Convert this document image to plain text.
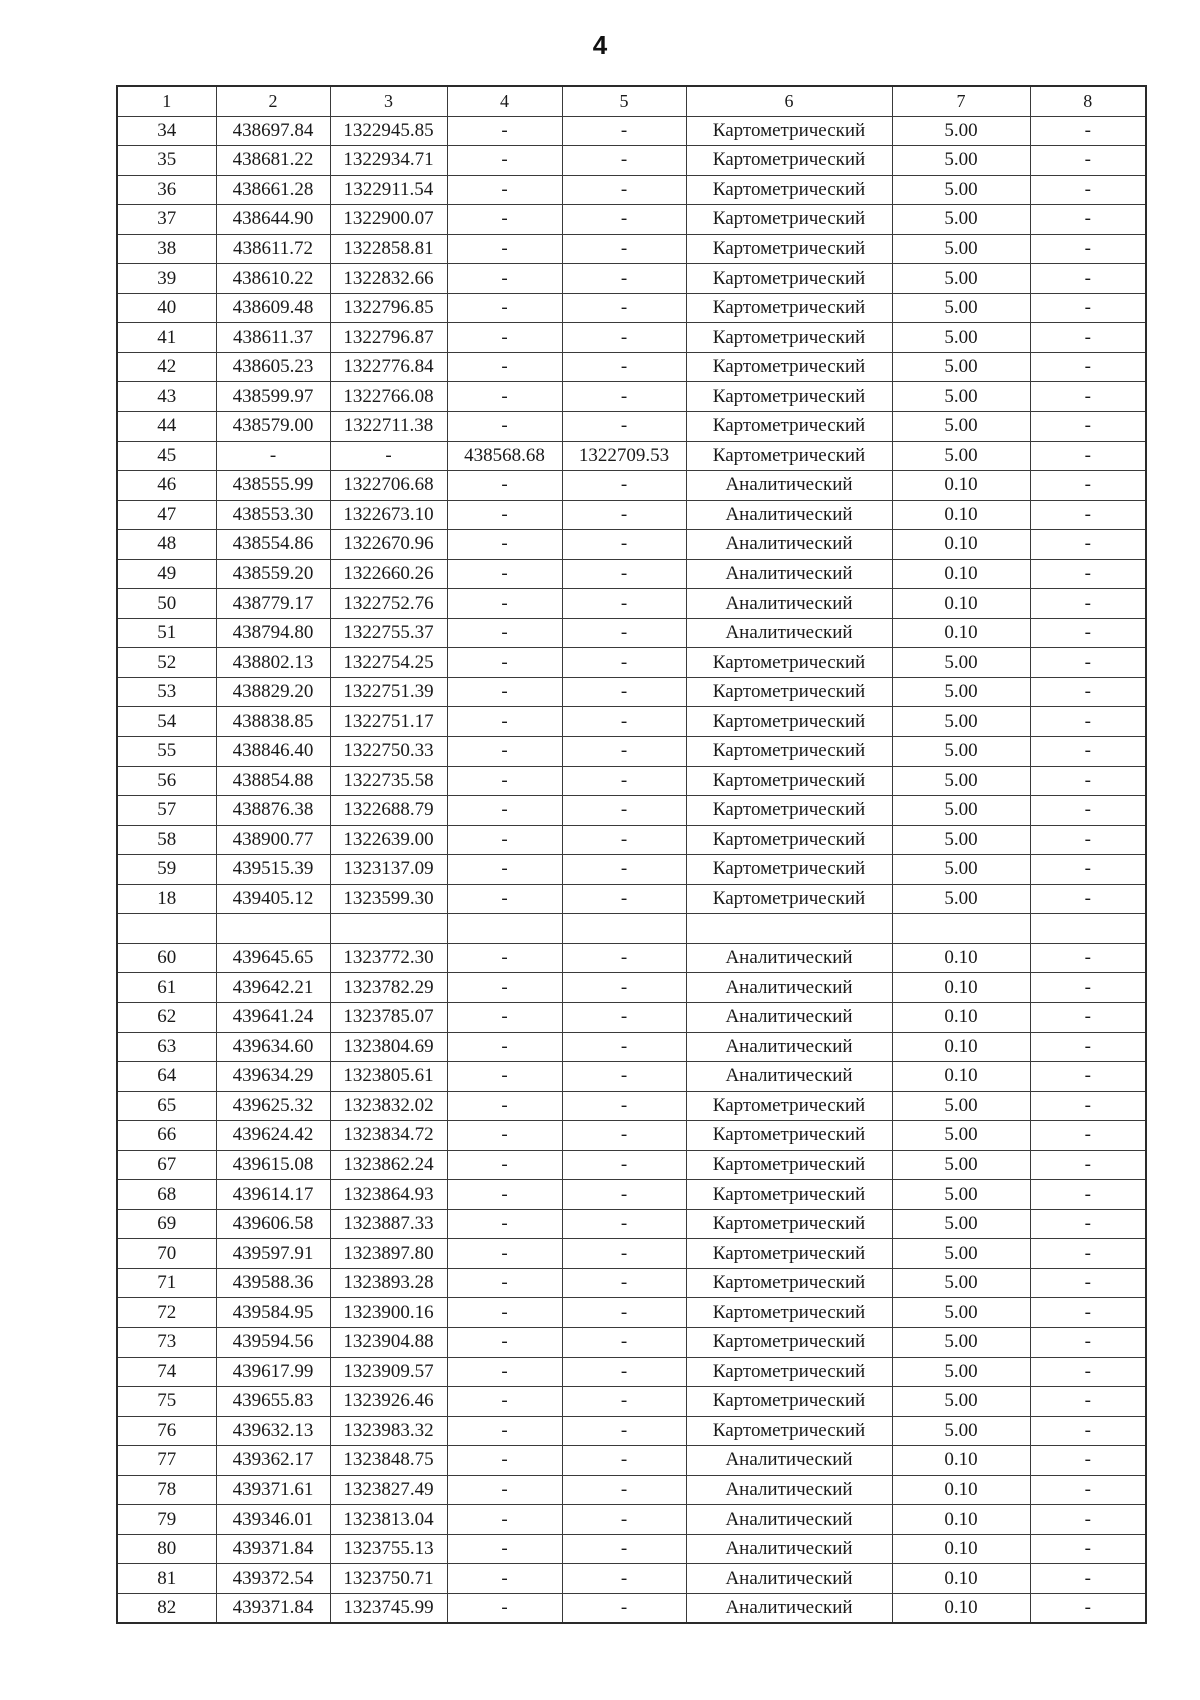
4
1	2	3	4	5	6	7	8
34	438697.84	1322945.85	-	-	Картометрический	5.00	-
35	438681.22	1322934.71	-	-	Картометрический	5.00	-
36	438661.28	1322911.54	-	-	Картометрический	5.00	-
37	438644.90	1322900.07	-	-	Картометрический	5.00	-
38	438611.72	1322858.81	-	-	Картометрический	5.00	-
39	438610.22	1322832.66	-	-	Картометрический	5.00	-
40	438609.48	1322796.85	-	-	Картометрический	5.00	-
41	438611.37	1322796.87	-	-	Картометрический	5.00	-
42	438605.23	1322776.84	-	-	Картометрический	5.00	-
43	438599.97	1322766.08	-	-	Картометрический	5.00	-
44	438579.00	1322711.38	-	-	Картометрический	5.00	-
45	-	-	438568.68	1322709.53	Картометрический	5.00	-
46	438555.99	1322706.68	-	-	Аналитический	0.10	-
47	438553.30	1322673.10	-	-	Аналитический	0.10	-
48	438554.86	1322670.96	-	-	Аналитический	0.10	-
49	438559.20	1322660.26	-	-	Аналитический	0.10	-
50	438779.17	1322752.76	-	-	Аналитический	0.10	-
51	438794.80	1322755.37	-	-	Аналитический	0.10	-
52	438802.13	1322754.25	-	-	Картометрический	5.00	-
53	438829.20	1322751.39	-	-	Картометрический	5.00	-
54	438838.85	1322751.17	-	-	Картометрический	5.00	-
55	438846.40	1322750.33	-	-	Картометрический	5.00	-
56	438854.88	1322735.58	-	-	Картометрический	5.00	-
57	438876.38	1322688.79	-	-	Картометрический	5.00	-
58	438900.77	1322639.00	-	-	Картометрический	5.00	-
59	439515.39	1323137.09	-	-	Картометрический	5.00	-
18	439405.12	1323599.30	-	-	Картометрический	5.00	-

60	439645.65	1323772.30	-	-	Аналитический	0.10	-
61	439642.21	1323782.29	-	-	Аналитический	0.10	-
62	439641.24	1323785.07	-	-	Аналитический	0.10	-
63	439634.60	1323804.69	-	-	Аналитический	0.10	-
64	439634.29	1323805.61	-	-	Аналитический	0.10	-
65	439625.32	1323832.02	-	-	Картометрический	5.00	-
66	439624.42	1323834.72	-	-	Картометрический	5.00	-
67	439615.08	1323862.24	-	-	Картометрический	5.00	-
68	439614.17	1323864.93	-	-	Картометрический	5.00	-
69	439606.58	1323887.33	-	-	Картометрический	5.00	-
70	439597.91	1323897.80	-	-	Картометрический	5.00	-
71	439588.36	1323893.28	-	-	Картометрический	5.00	-
72	439584.95	1323900.16	-	-	Картометрический	5.00	-
73	439594.56	1323904.88	-	-	Картометрический	5.00	-
74	439617.99	1323909.57	-	-	Картометрический	5.00	-
75	439655.83	1323926.46	-	-	Картометрический	5.00	-
76	439632.13	1323983.32	-	-	Картометрический	5.00	-
77	439362.17	1323848.75	-	-	Аналитический	0.10	-
78	439371.61	1323827.49	-	-	Аналитический	0.10	-
79	439346.01	1323813.04	-	-	Аналитический	0.10	-
80	439371.84	1323755.13	-	-	Аналитический	0.10	-
81	439372.54	1323750.71	-	-	Аналитический	0.10	-
82	439371.84	1323745.99	-	-	Аналитический	0.10	-
